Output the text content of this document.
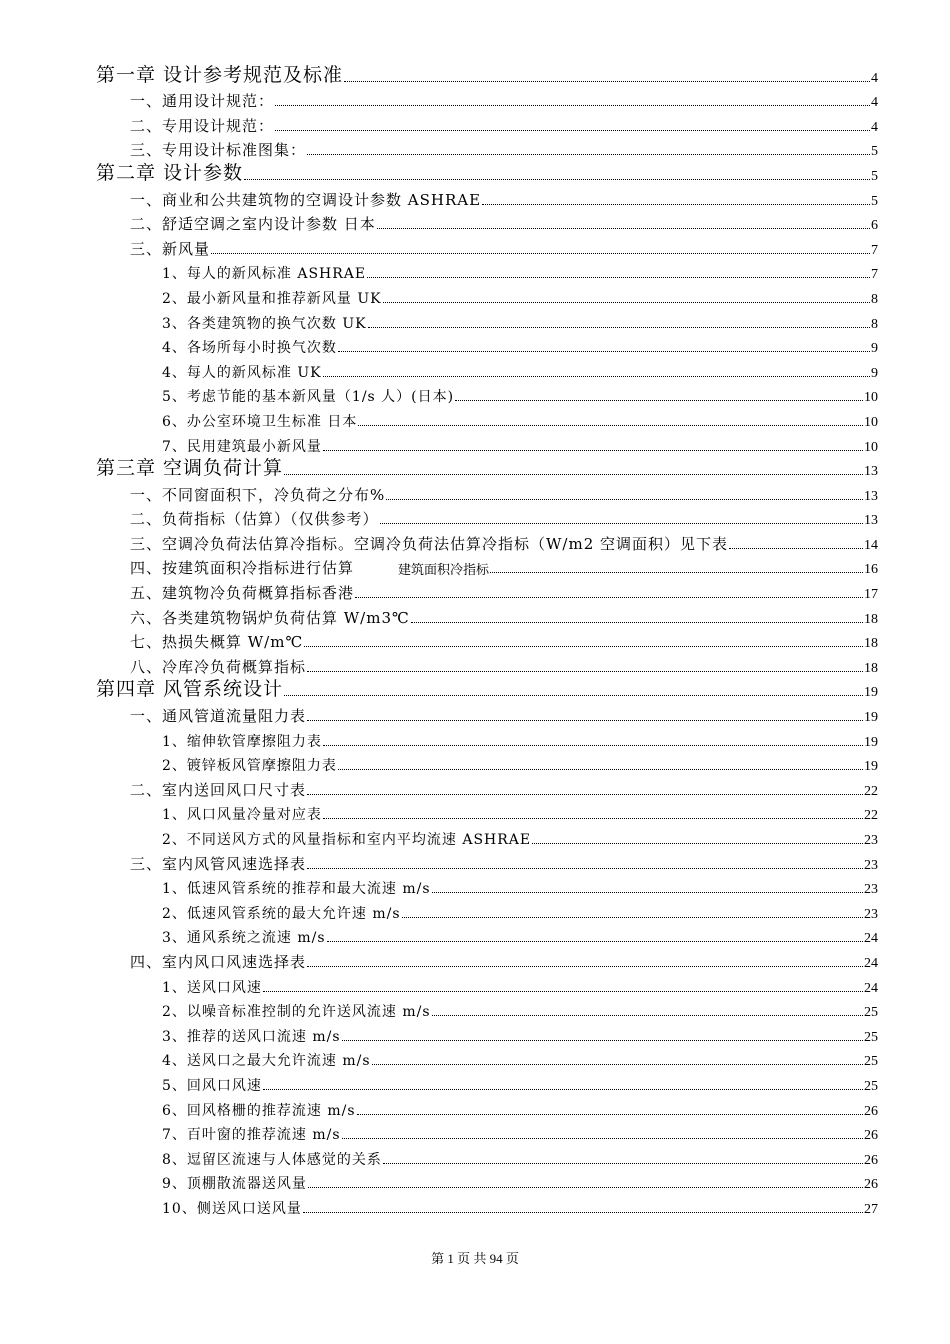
第一章 设计参考规范及标准	4
一、通用设计规范：	4
二、专用设计规范：	4
三、专用设计标准图集：	5
第二章 设计参数	5
一、商业和公共建筑物的空调设计参数 ASHRAE	5
二、舒适空调之室内设计参数 日本	6
三、新风量	7
1、每人的新风标准 ASHRAE	7
2、最小新风量和推荐新风量 UK	8
3、各类建筑物的换气次数 UK	8
4、各场所每小时换气次数	9
4、每人的新风标准 UK	9
5、考虑节能的基本新风量（1/s 人）(日本)	10
6、办公室环境卫生标准 日本	10
7、民用建筑最小新风量	10
第三章 空调负荷计算	13
一、不同窗面积下，冷负荷之分布%	13
二、负荷指标（估算）（仅供参考）	13
三、空调冷负荷法估算冷指标。空调冷负荷法估算冷指标（W/m2 空调面积）见下表	14
四、按建筑面积冷指标进行估算	建筑面积冷指标	16
五、建筑物冷负荷概算指标香港	17
六、各类建筑物锅炉负荷估算 W/m3℃	18
七、热损失概算 W/m℃	18
八、冷库冷负荷概算指标	18
第四章 风管系统设计	19
一、通风管道流量阻力表	19
1、缩伸软管摩擦阻力表	19
2、镀锌板风管摩擦阻力表	19
二、室内送回风口尺寸表	22
1、风口风量冷量对应表	22
2、不同送风方式的风量指标和室内平均流速 ASHRAE	23
三、室内风管风速选择表	23
1、低速风管系统的推荐和最大流速 m/s	23
2、低速风管系统的最大允许速 m/s	23
3、通风系统之流速 m/s	24
四、室内风口风速选择表	24
1、送风口风速	24
2、以噪音标准控制的允许送风流速 m/s	25
3、推荐的送风口流速 m/s	25
4、送风口之最大允许流速 m/s	25
5、回风口风速	25
6、回风格栅的推荐流速 m/s	26
7、百叶窗的推荐流速 m/s	26
8、逗留区流速与人体感觉的关系	26
9、顶棚散流器送风量	26
10、侧送风口送风量	27
第 1 页 共 94 页
